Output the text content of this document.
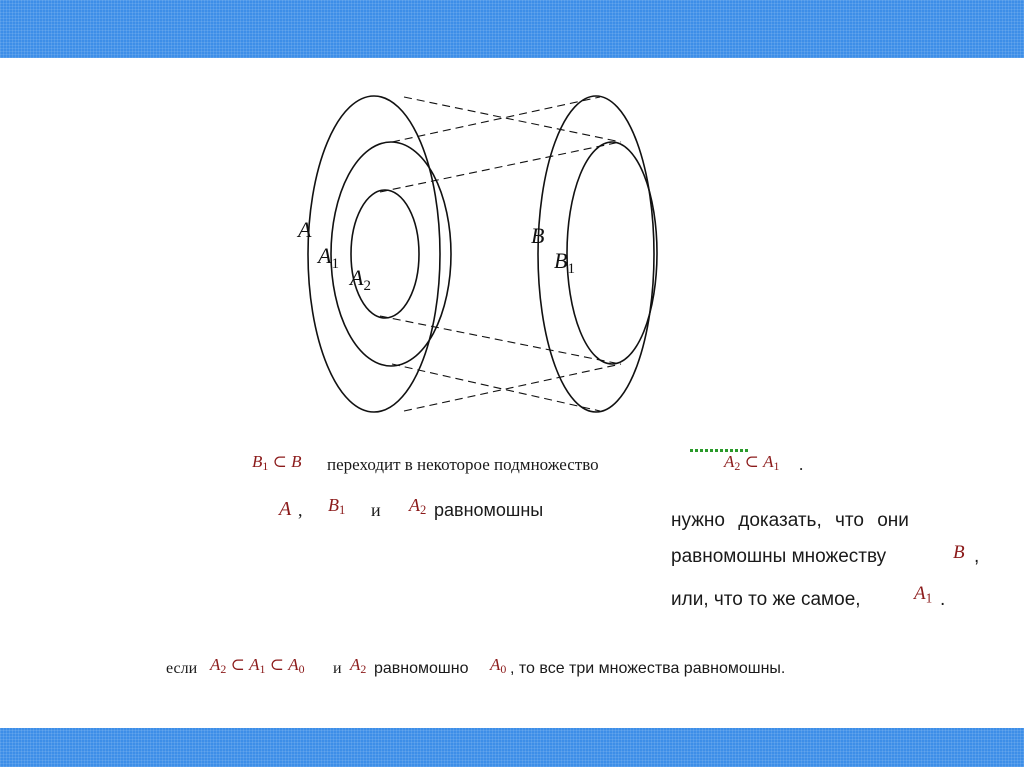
A
$A_1$
$A_2$
B
$B_1$
$B_1$ ⊂ B переходит в некоторое подмножество	$A_2$ ⊂ $A_1$ .
A , $B_1$ и $A_2$ равномошны	нужно доказать, что они
равномошны множеству	B ,
или, что то же самое,	$A_1$ .
если $A_2$ ⊂ $A_1$ ⊂ $A_0$ и $A_2$ равномошно $A_0$ , то все три множества равномошны.
